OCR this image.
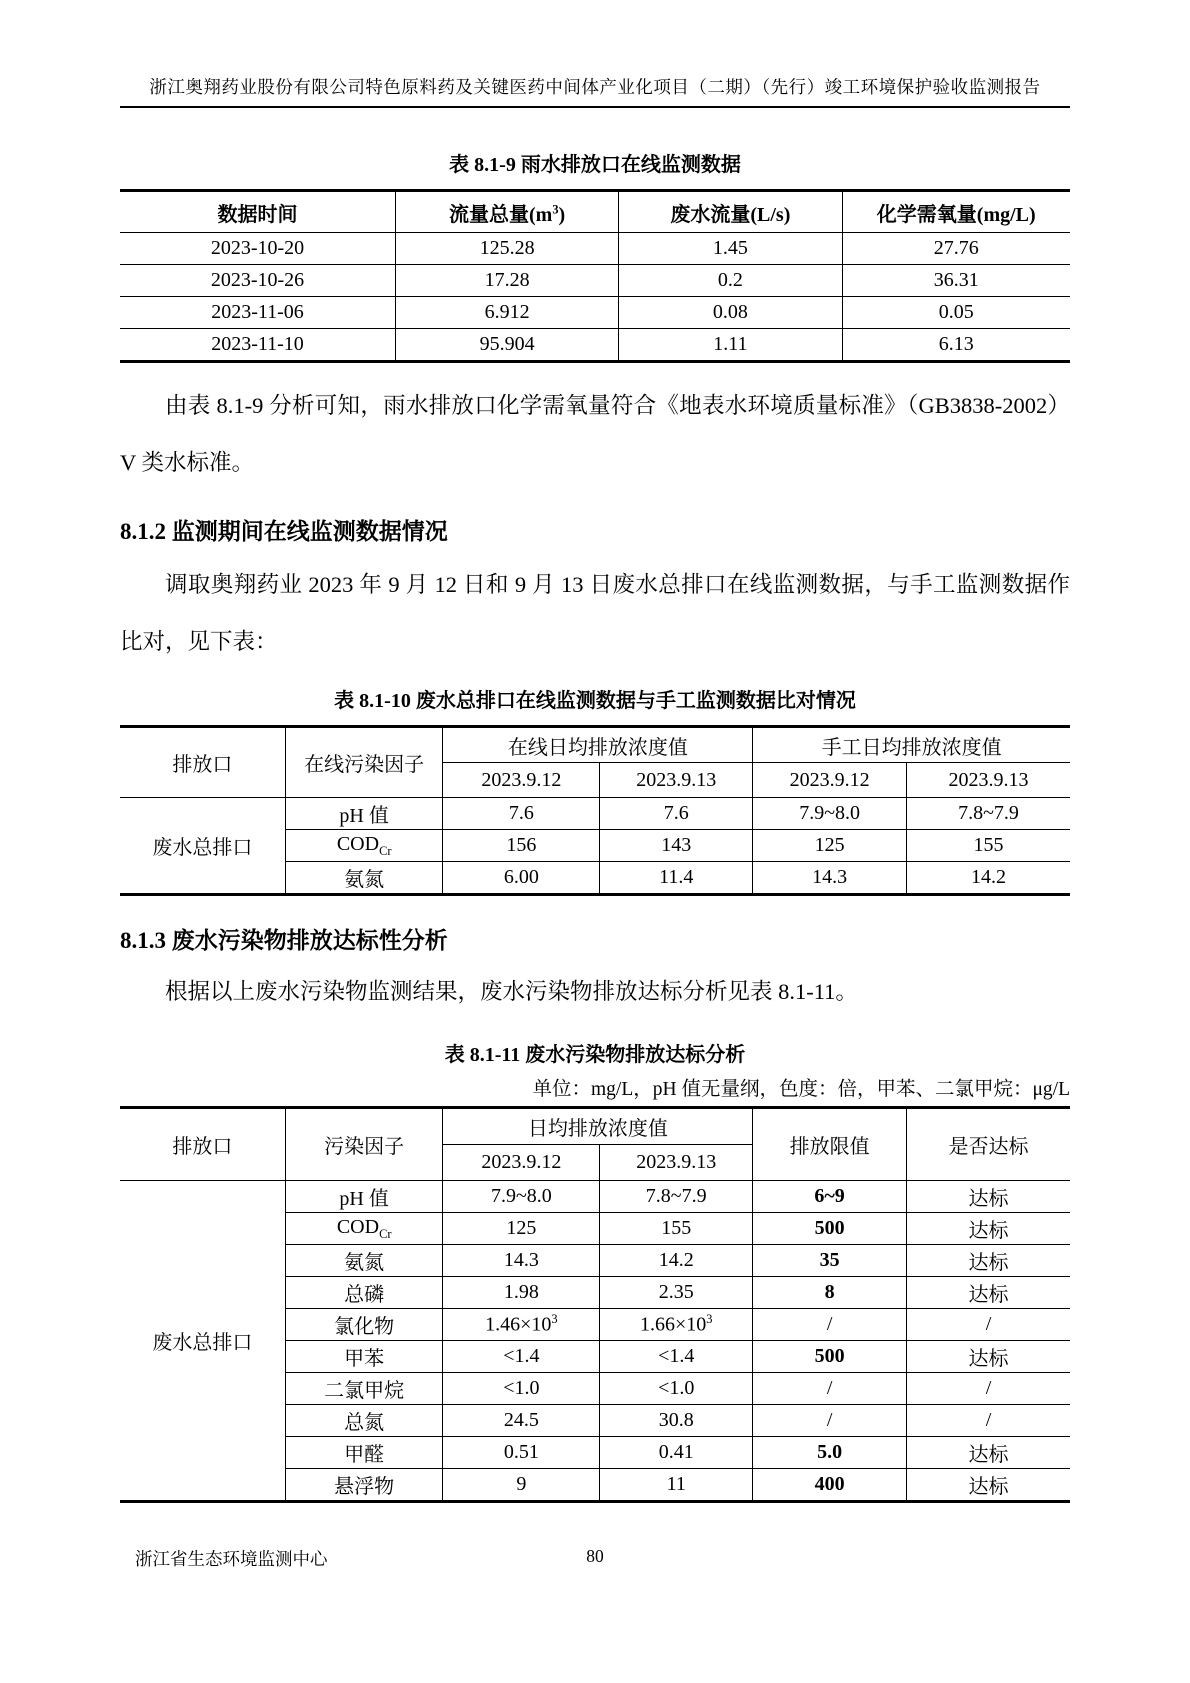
浙江奥翔药业股份有限公司特色原料药及关键医药中间体产业化项目（二期）（先行）竣工环境保护验收监测报告
表 8.1-9 雨水排放口在线监测数据
数据时间	流量总量$(m^3)$	废水流量(L/s)	化学需氧量(mg/L)
2023-10-20	125.28	1.45	27.76
2023-10-26	17.28	0.2	36.31
2023-11-06	6.912	0.08	0.05
2023-11-10	95.904	1.11	6.13

由表 8.1-9 分析可知，雨水排放口化学需氧量符合《地表水环境质量标准》（GB3838-2002）V 类水标准。

8.1.2 监测期间在线监测数据情况

调取奥翔药业 2023 年 9 月 12 日和 9 月 13 日废水总排口在线监测数据，与手工监测数据作比对，见下表：

表 8.1-10 废水总排口在线监测数据与手工监测数据比对情况
排放口	在线污染因子	在线日均排放浓度值		手工日均排放浓度值	
		2023.9.12	2023.9.13	2023.9.12	2023.9.13
废水总排口	pH 值	7.6	7.6	7.9~8.0	7.8~7.9
	$COD_{Cr}$	156	143	125	155
	氨氮	6.00	11.4	14.3	14.2
8.1.3 废水污染物排放达标性分析

根据以上废水污染物监测结果，废水污染物排放达标分析见表 8.1-11。

表 8.1-11 废水污染物排放达标分析

单位：mg/L，pH 值无量纲，色度：倍，甲苯、二氯甲烷：μg/L

排放口	污染因子	日均排放浓度值		排放限值	是否达标
		2023.9.12	2023.9.13		
废水总排口	pH 值	7.9~8.0	7.8~7.9	6~9	达标
	$COD_{Cr}$	125	155	500	达标
	氨氮	14.3	14.2	35	达标
	总磷	1.98	2.35	8	达标
	氯化物	$1.46\times 10^3$	$1.66\times 10^3$	/	/
	甲苯	<1.4	<1.4	500	达标
	二氯甲烷	<1.0	<1.0	/	/
	总氮	24.5	30.8	/	/
	甲醛	0.51	0.41	5.0	达标
	悬浮物	9	11	400	达标
80
浙江省生态环境监测中心
